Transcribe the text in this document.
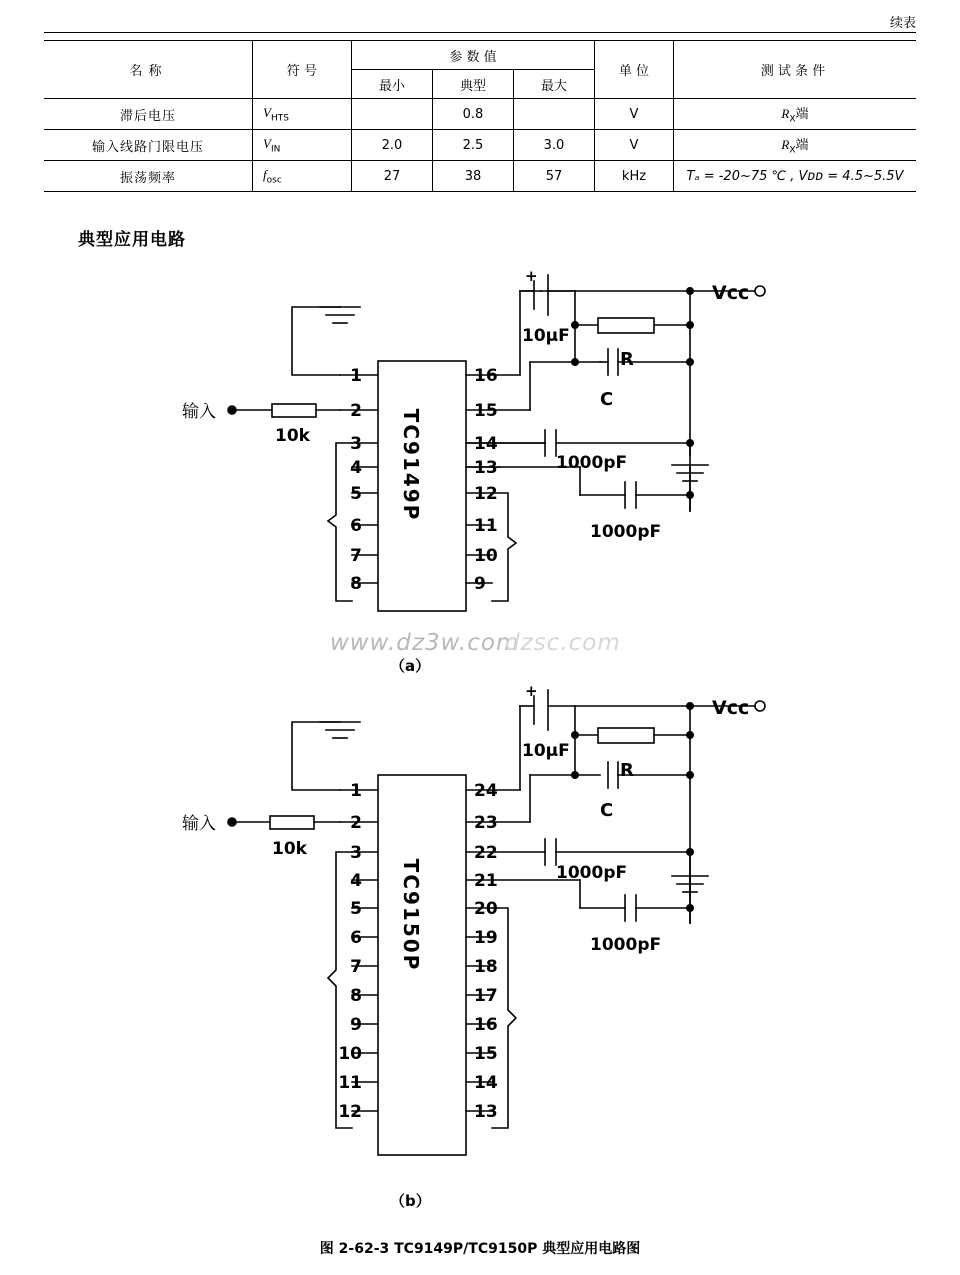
续表
名 称	符 号	参 数 值			单 位	测 试 条 件
		最小	典型	最大		
滞后电压	$V_{HTS}$		0.8		V	$R_X$端
输入线路门限电压	$V_{IN}$	2.0	2.5	3.0	V	$R_X$端
振荡频率	$f_{osc}$	27	38	57	kHz	Tₐ = -20~75 ℃ , Vᴅᴅ = 4.5~5.5V
典型应用电路
TC9149P
1
2
3
4
5
6
7
8
16
15
14
13
12
11
10
9
输入
10k
10μF
+
R
C
1000pF
1000pF
Vcc
www.dz3w.com
dzsc.com
（a）
TC9150P
1
2
3
4
5
6
7
8
9
10
11
12
24
23
22
21
20
19
18
17
16
15
14
13
输入
10k
10μF
+
R
C
1000pF
1000pF
Vcc
（b）
图 2-62-3 TC9149P/TC9150P 典型应用电路图
